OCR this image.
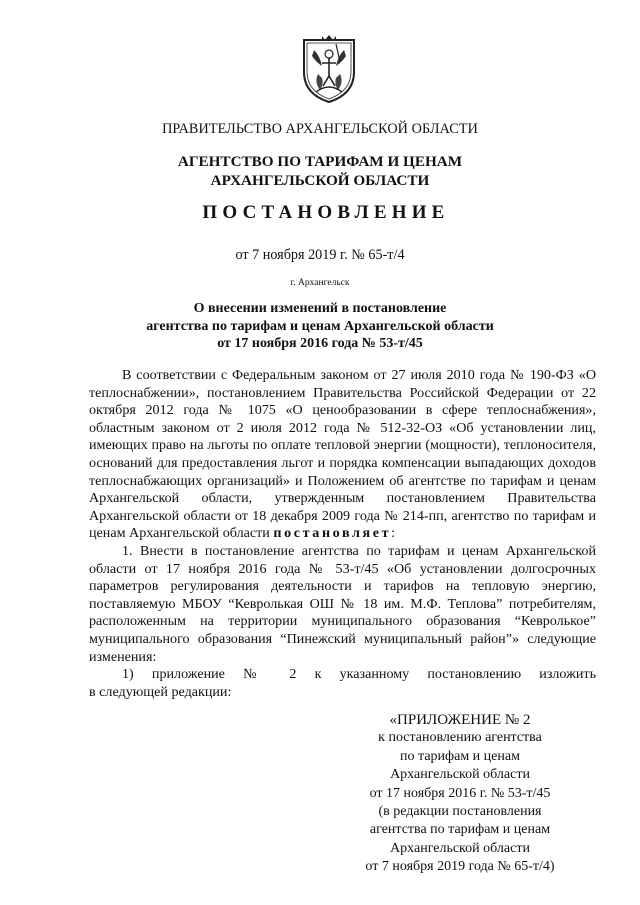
ПРАВИТЕЛЬСТВО АРХАНГЕЛЬСКОЙ ОБЛАСТИ
АГЕНТСТВО ПО ТАРИФАМ И ЦЕНАМ
АРХАНГЕЛЬСКОЙ ОБЛАСТИ
ПОСТАНОВЛЕНИЕ
от 7 ноября 2019 г. № 65-т/4
г. Архангельск
О внесении изменений в постановление
агентства по тарифам и ценам Архангельской области
от 17 ноября 2016 года № 53-т/45

В соответствии с Федеральным законом от 27 июля 2010 года № 190-ФЗ «О теплоснабжении», постановлением Правительства Российской Федерации от 22 октября 2012 года № 1075 «О ценообразовании в сфере теплоснабжения», областным законом от 2 июля 2012 года № 512-32-ОЗ «Об установлении лиц, имеющих право на льготы по оплате тепловой энергии (мощности), теплоносителя, оснований для предоставления льгот и порядка компенсации выпадающих доходов теплоснабжающих организаций» и Положением об агентстве по тарифам и ценам Архангельской области, утвержденным постановлением Правительства Архангельской области от 18 декабря 2009 года № 214-пп, агентство по тарифам и ценам Архангельской области постановляет:

1. Внести в постановление агентства по тарифам и ценам Архангельской области от 17 ноября 2016 года № 53-т/45 «Об установлении долгосрочных параметров регулирования деятельности и тарифов на тепловую энергию, поставляемую МБОУ “Кевролькая ОШ № 18 им. М.Ф. Теплова” потребителям, расположенным на территории муниципального образования “Кевролькое” муниципального образования “Пинежский муниципальный район”» следующие изменения:

1) приложение № 2 к указанному постановлению изложить

в следующей редакции:

«ПРИЛОЖЕНИЕ № 2
к постановлению агентства
по тарифам и ценам
Архангельской области
от 17 ноября 2016 г. № 53-т/45
(в редакции постановления
агентства по тарифам и ценам
Архангельской области
от 7 ноября 2019 года № 65-т/4)
